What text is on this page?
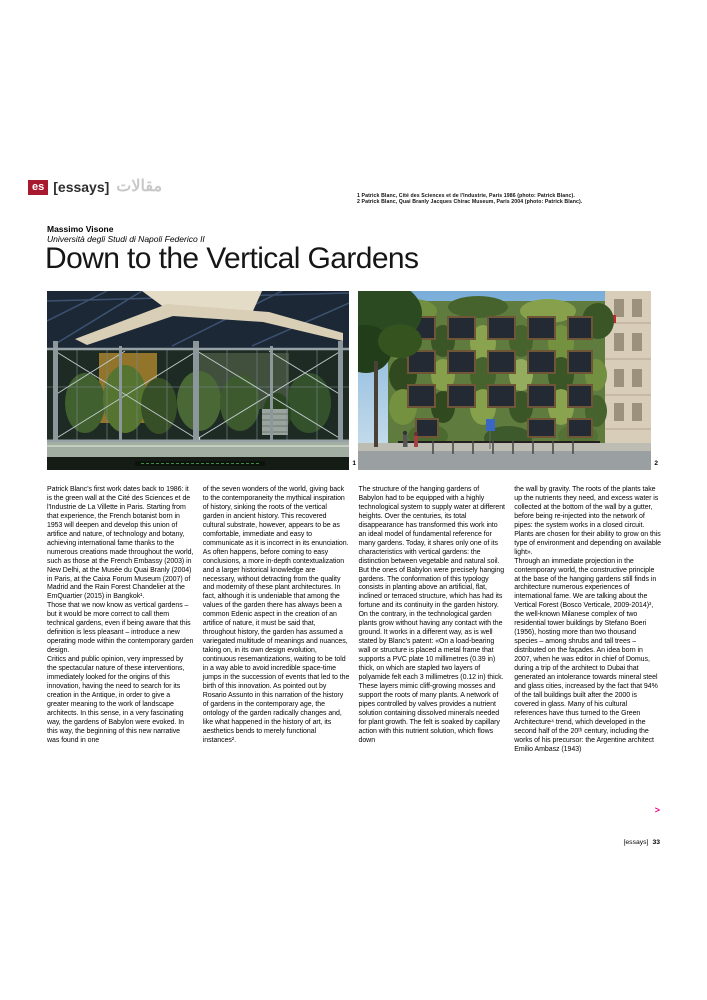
es [essays] مقالات
1 Patrick Blanc, Cité des Sciences et de l'Industrie, Paris 1986 (photo: Patrick Blanc).
2 Patrick Blanc, Quai Branly Jacques Chirac Museum, Paris 2004 (photo: Patrick Blanc).
Massimo Visone
Università degli Studi di Napoli Federico II
Down to the Vertical Gardens
1	2

Patrick Blanc's first work dates back to 1986: it is the green wall at the Cité des Sciences et de l'Industrie de La Villette in Paris. Starting from that experience, the French botanist born in 1953 will deepen and develop this union of artifice and nature, of technology and botany, achieving international fame thanks to the numerous creations made throughout the world, such as those at the French Embassy (2003) in New Delhi, at the Musée du Quai Branly (2004) in Paris, at the Caixa Forum Museum (2007) of Madrid and the Rain Forest Chandelier at the EmQuartier (2015) in Bangkok¹.

Those that we now know as vertical gardens – but it would be more correct to call them technical gardens, even if being aware that this definition is less pleasant – introduce a new operating mode within the contemporary garden design.

Critics and public opinion, very impressed by the spectacular nature of these interventions, immediately looked for the origins of this innovation, having the need to search for its creation in the Antique, in order to give a greater meaning to the work of landscape architects. In this sense, in a very fascinating way, the gardens of Babylon were evoked. In this way, the beginning of this new narrative was found in one

of the seven wonders of the world, giving back to the contemporaneity the mythical inspiration of history, sinking the roots of the vertical garden in ancient history. This recovered cultural substrate, however, appears to be as comfortable, immediate and easy to communicate as it is incorrect in its enunciation. As often happens, before coming to easy conclusions, a more in-depth contextualization and a larger historical knowledge are necessary, without detracting from the quality and modernity of these plant architectures. In fact, although it is undeniable that among the values of the garden there has always been a common Edenic aspect in the creation of an artifice of nature, it must be said that, throughout history, the garden has assumed a variegated multitude of meanings and nuances, taking on, in its own design evolution, continuous resemantizations, waiting to be told in a way able to avoid incredible space-time jumps in the succession of events that led to the birth of this innovation. As pointed out by Rosario Assunto in this narration of the history of gardens in the contemporary age, the ontology of the garden radically changes and, like what happened in the history of art, its aesthetics bends to merely functional instances².

The structure of the hanging gardens of Babylon had to be equipped with a highly technological system to supply water at different heights. Over the centuries, its total disappearance has transformed this work into an ideal model of fundamental reference for many gardens. Today, it shares only one of its characteristics with vertical gardens: the distinction between vegetable and natural soil. But the ones of Babylon were precisely hanging gardens. The conformation of this typology consists in planting above an artificial, flat, inclined or terraced structure, which has had its fortune and its continuity in the garden history.

On the contrary, in the technological garden plants grow without having any contact with the ground. It works in a different way, as is well stated by Blanc's patent: «On a load-bearing wall or structure is placed a metal frame that supports a PVC plate 10 millimetres (0.39 in) thick, on which are stapled two layers of polyamide felt each 3 millimetres (0.12 in) thick. These layers mimic cliff-growing mosses and support the roots of many plants. A network of pipes controlled by valves provides a nutrient solution containing dissolved minerals needed for plant growth. The felt is soaked by capillary action with this nutrient solution, which flows down

the wall by gravity. The roots of the plants take up the nutrients they need, and excess water is collected at the bottom of the wall by a gutter, before being re-injected into the network of pipes: the system works in a closed circuit. Plants are chosen for their ability to grow on this type of environment and depending on available light».

Through an immediate projection in the contemporary world, the constructive principle at the base of the hanging gardens still finds in architecture numerous experiences of international fame. We are talking about the Vertical Forest (Bosco Verticale, 2009-2014)³, the well-known Milanese complex of two residential tower buildings by Stefano Boeri (1956), hosting more than two thousand species – among shrubs and tall trees – distributed on the façades. An idea born in 2007, when he was editor in chief of Domus, during a trip of the architect to Dubai that generated an intolerance towards mineral steel and glass cities, increased by the fact that 94% of the tall buildings built after the 2000 is covered in glass. Many of his cultural references have thus turned to the Green Architecture⁴ trend, which developed in the second half of the 20ᵗʰ century, including the works of his precursor: the Argentine architect Emilio Ambasz (1943)

>
[essays] 33
